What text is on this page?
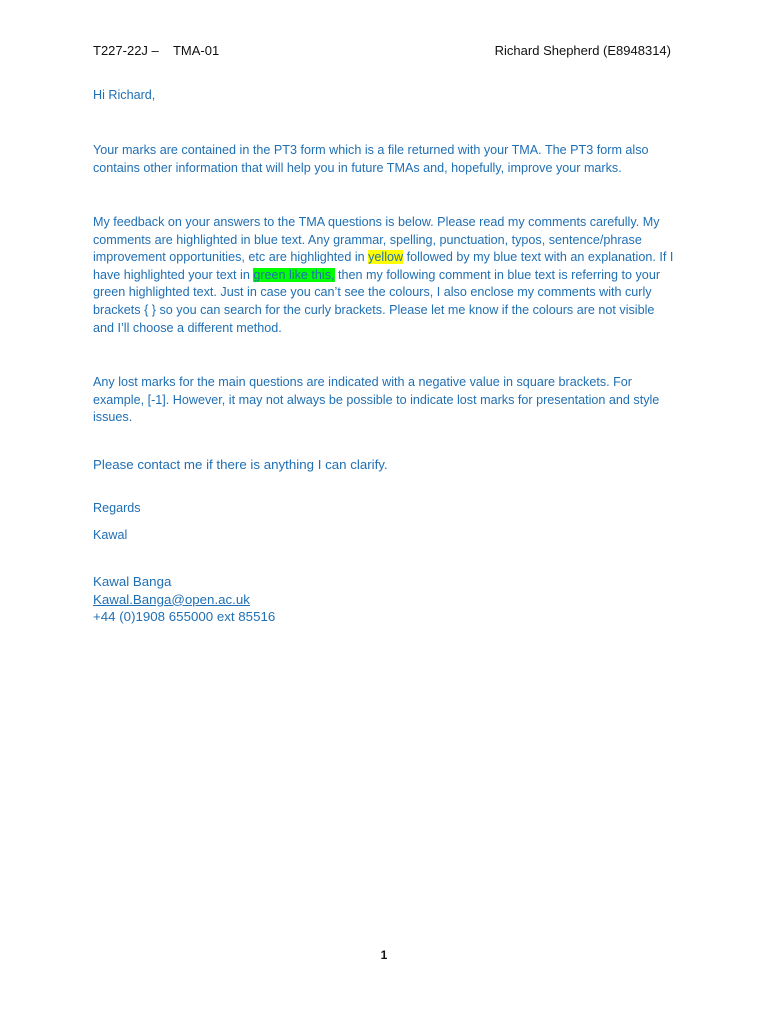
T227-22J –    TMA-01	Richard Shepherd (E8948314)
Hi Richard,
Your marks are contained in the PT3 form which is a file returned with your TMA. The PT3 form also contains other information that will help you in future TMAs and, hopefully, improve your marks.
My feedback on your answers to the TMA questions is below. Please read my comments carefully. My comments are highlighted in blue text. Any grammar, spelling, punctuation, typos, sentence/phrase improvement opportunities, etc are highlighted in yellow followed by my blue text with an explanation. If I have highlighted your text in green like this, then my following comment in blue text is referring to your green highlighted text. Just in case you can’t see the colours, I also enclose my comments with curly brackets { } so you can search for the curly brackets. Please let me know if the colours are not visible and I’ll choose a different method.
Any lost marks for the main questions are indicated with a negative value in square brackets. For example, [-1]. However, it may not always be possible to indicate lost marks for presentation and style issues.
Please contact me if there is anything I can clarify.
Regards
Kawal
Kawal Banga
Kawal.Banga@open.ac.uk
+44 (0)1908 655000 ext 85516
1
